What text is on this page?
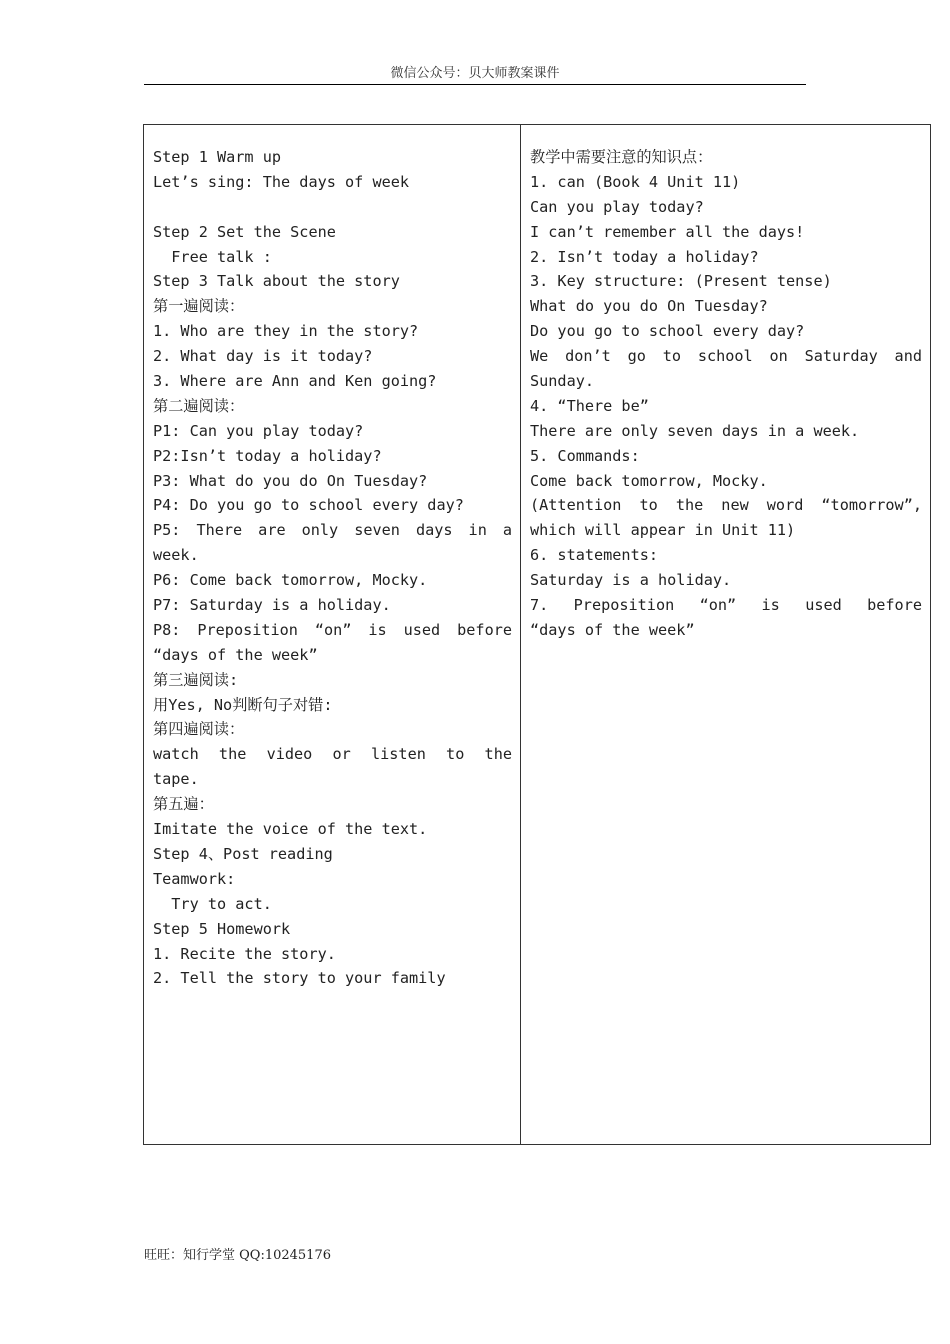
微信公众号：贝大师教案课件
Step 1 Warm up
Let’s sing: The days of week
Step 2 Set the Scene
Free talk :
Step 3 Talk about the story
第一遍阅读：
1. Who are they in the story?
2. What day is it today?
3. Where are Ann and Ken going?
第二遍阅读：
P1: Can you play today?
P2:Isn’t today a holiday?
P3: What do you do On Tuesday?
P4: Do you go to school every day?
P5: There are only seven days in a
week.
P6: Come back tomorrow, Mocky.
P7: Saturday is a holiday.
P8: Preposition “on” is used before
“days of the week”
第三遍阅读:
用Yes, No判断句子对错:
第四遍阅读：
watch the video or listen to the
tape.
第五遍：
Imitate the voice of the text.
Step 4、Post reading
Teamwork:
Try to act.
Step 5 Homework
1. Recite the story.
2. Tell the story to your family
教学中需要注意的知识点：
1. can (Book 4 Unit 11)
Can you play today?
I can’t remember all the days!
2. Isn’t today a holiday?
3. Key structure: (Present tense)
What do you do On Tuesday?
Do you go to school every day?
We don’t go to school on Saturday and
Sunday.
4. “There be”
There are only seven days in a week.
5. Commands:
Come back tomorrow, Mocky.
(Attention to the new word “tomorrow”,
which will appear in Unit 11)
6. statements:
Saturday is a holiday.
7. Preposition “on” is used before
“days of the week”
旺旺：知行学堂 QQ:10245176
